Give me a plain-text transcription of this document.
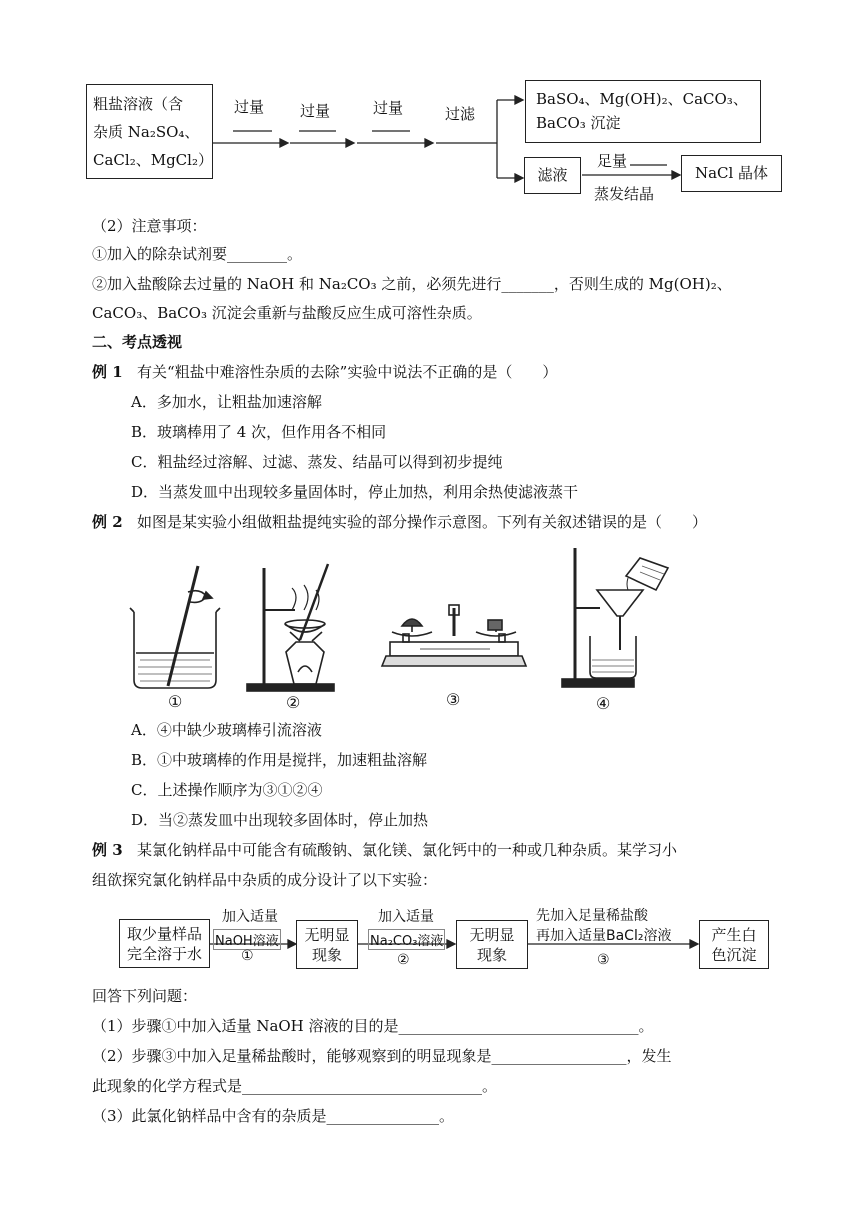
粗盐溶液（含
杂质 Na₂SO₄、
CaCl₂、MgCl₂）
过量 过量	过量	过滤
BaSO₄、Mg(OH)₂、CaCO₃、
BaCO₃ 沉淀
滤液
足量
蒸发结晶
NaCl 晶体
（2）注意事项：
①加入的除杂试剂要________。
②加入盐酸除去过量的 NaOH 和 Na₂CO₃ 之前，必须先进行_______，否则生成的 Mg(OH)₂、
CaCO₃、BaCO₃ 沉淀会重新与盐酸反应生成可溶性杂质。
二、考点透视
例 1 有关“粗盐中难溶性杂质的去除”实验中说法不正确的是（　　）
A．多加水，让粗盐加速溶解
B．玻璃棒用了 4 次，但作用各不相同
C．粗盐经过溶解、过滤、蒸发、结晶可以得到初步提纯
D．当蒸发皿中出现较多量固体时，停止加热，利用余热使滤液蒸干
例 2 如图是某实验小组做粗盐提纯实验的部分操作示意图。下列有关叙述错误的是（　　）
①	②	③	④
A．④中缺少玻璃棒引流溶液
B．①中玻璃棒的作用是搅拌，加速粗盐溶解
C．上述操作顺序为③①②④
D．当②蒸发皿中出现较多固体时，停止加热
例 3 某氯化钠样品中可能含有硫酸钠、氯化镁、氯化钙中的一种或几种杂质。某学习小
组欲探究氯化钠样品中杂质的成分设计了以下实验：
取少量样品
完全溶于水
加入适量
NaOH溶液
①
无明显
现象
加入适量
Na₂CO₃溶液
②
无明显
现象
先加入足量稀盐酸
再加入适量BaCl₂溶液
③
产生白
色沉淀
回答下列问题：
（1）步骤①中加入适量 NaOH 溶液的目的是________________________________。
（2）步骤③中加入足量稀盐酸时，能够观察到的明显现象是__________________，发生
此现象的化学方程式是________________________________。
（3）此氯化钠样品中含有的杂质是_______________。
